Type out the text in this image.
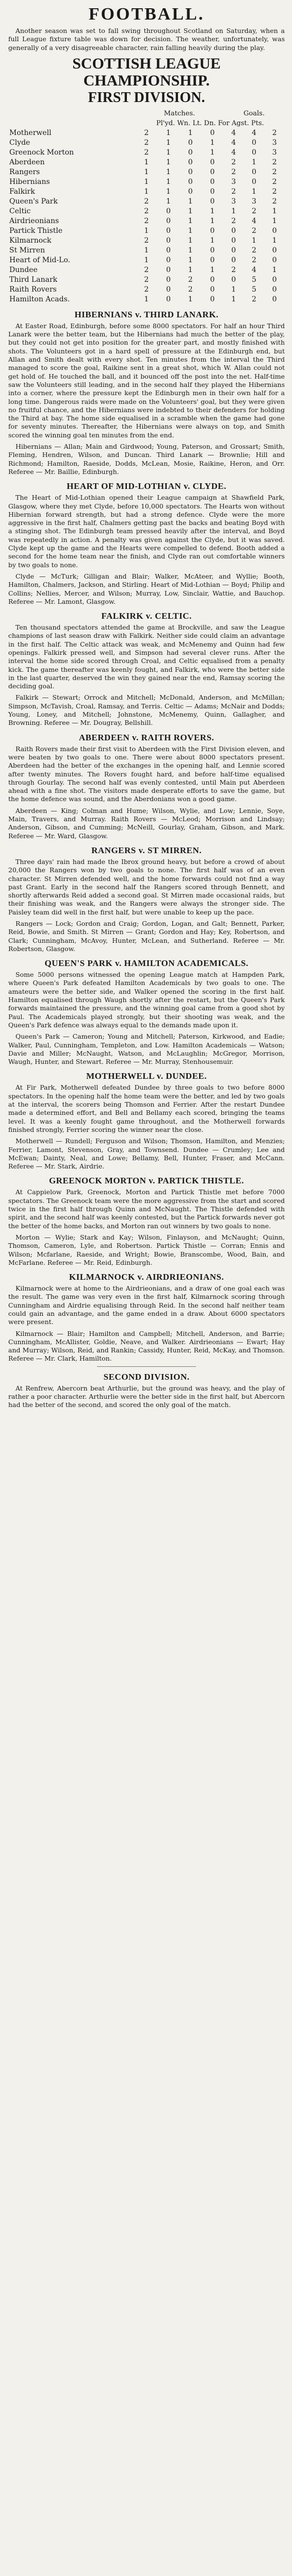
FOOTBALL.

Another season was set to fall swing throughout Scotland on Saturday, when a full League fixture table was down for decision. The weather, unfortunately, was generally of a very disagreeable character, rain falling heavily during the play.

SCOTTISH LEAGUE CHAMPIONSHIP.
FIRST DIVISION.
	Matches.				Goals.		
	Pl'yd. Wn. Lt. Dn. For Agst. Pts.						
Motherwell	2	1	1	0	4	4	2
Clyde	2	1	0	1	4	0	3
Greenock Morton	2	1	0	1	4	0	3
Aberdeen	1	1	0	0	2	1	2
Rangers	1	1	0	0	2	0	2
Hibernians	1	1	0	0	3	0	2
Falkirk	1	1	0	0	2	1	2
Queen's Park	2	1	1	0	3	3	2
Celtic	2	0	1	1	1	2	1
Airdrieonians	2	0	1	1	2	4	1
Partick Thistle	1	0	1	0	0	2	0
Kilmarnock	2	0	1	1	0	1	1
St Mirren	1	0	1	0	0	2	0
Heart of Mid-Lo.	1	0	1	0	0	2	0
Dundee	2	0	1	1	2	4	1
Third Lanark	2	0	2	0	0	5	0
Raith Rovers	2	0	2	0	1	5	0
Hamilton Acads.	1	0	1	0	1	2	0
HIBERNIANS v. THIRD LANARK.

At Easter Road, Edinburgh, before some 8000 spectators. For half an hour Third Lanark were the better team, but the Hibernians had much the better of the play, but they could not get into position for the greater part, and mostly finished with shots. The Volunteers got in a hard spell of pressure at the Edinburgh end, but Allan and Smith dealt with every shot. Ten minutes from the interval the Third managed to score the goal, Raikine sent in a great shot, which W. Allan could not get hold of. He touched the ball, and it bounced off the post into the net. Half-time saw the Volunteers still leading, and in the second half they played the Hibernians into a corner, where the pressure kept the Edinburgh men in their own half for a long time. Dangerous raids were made on the Volunteers' goal, but they were given no fruitful chance, and the Hibernians were indebted to their defenders for holding the Third at bay. The home side equalised in a scramble when the game had gone for seventy minutes. Thereafter, the Hibernians were always on top, and Smith scored the winning goal ten minutes from the end.

Hibernians — Allan; Main and Girdwood; Young, Paterson, and Grossart; Smith, Fleming, Hendren, Wilson, and Duncan. Third Lanark — Brownlie; Hill and Richmond; Hamilton, Raeside, Dodds, McLean, Mosie, Raikine, Heron, and Orr. Referee — Mr. Baillie, Edinburgh.

HEART OF MID-LOTHIAN v. CLYDE.

The Heart of Mid-Lothian opened their League campaign at Shawfield Park, Glasgow, where they met Clyde, before 10,000 spectators. The Hearts won without Hibernian forward strength, but had a strong defence. Clyde were the more aggressive in the first half, Chalmers getting past the backs and beating Boyd with a stinging shot. The Edinburgh team pressed heavily after the interval, and Boyd was repeatedly in action. A penalty was given against the Clyde, but it was saved. Clyde kept up the game and the Hearts were compelled to defend. Booth added a second for the home team near the finish, and Clyde ran out comfortable winners by two goals to none.

Clyde — McTurk; Gilligan and Blair; Walker, McAteer, and Wyllie; Booth, Hamilton, Chalmers, Jackson, and Stirling. Heart of Mid-Lothian — Boyd; Philip and Collins; Nellies, Mercer, and Wilson; Murray, Low, Sinclair, Wattie, and Bauchop. Referee — Mr. Lamont, Glasgow.

FALKIRK v. CELTIC.

Ten thousand spectators attended the game at Brockville, and saw the League champions of last season draw with Falkirk. Neither side could claim an advantage in the first half. The Celtic attack was weak, and McMenemy and Quinn had few openings. Falkirk pressed well, and Simpson had several clever runs. After the interval the home side scored through Croal, and Celtic equalised from a penalty kick. The game thereafter was keenly fought, and Falkirk, who were the better side in the last quarter, deserved the win they gained near the end, Ramsay scoring the deciding goal.

Falkirk — Stewart; Orrock and Mitchell; McDonald, Anderson, and McMillan; Simpson, McTavish, Croal, Ramsay, and Terris. Celtic — Adams; McNair and Dodds; Young, Loney, and Mitchell; Johnstone, McMenemy, Quinn, Gallagher, and Browning. Referee — Mr. Dougray, Bellshill.

ABERDEEN v. RAITH ROVERS.

Raith Rovers made their first visit to Aberdeen with the First Division eleven, and were beaten by two goals to one. There were about 8000 spectators present. Aberdeen had the better of the exchanges in the opening half, and Lennie scored after twenty minutes. The Rovers fought hard, and before half-time equalised through Gourlay. The second half was evenly contested, until Main put Aberdeen ahead with a fine shot. The visitors made desperate efforts to save the game, but the home defence was sound, and the Aberdonians won a good game.

Aberdeen — King; Colman and Hume; Wilson, Wylie, and Low; Lennie, Soye, Main, Travers, and Murray. Raith Rovers — McLeod; Morrison and Lindsay; Anderson, Gibson, and Cumming; McNeill, Gourlay, Graham, Gibson, and Mark. Referee — Mr. Ward, Glasgow.

RANGERS v. ST MIRREN.

Three days' rain had made the Ibrox ground heavy, but before a crowd of about 20,000 the Rangers won by two goals to none. The first half was of an even character. St Mirren defended well, and the home forwards could not find a way past Grant. Early in the second half the Rangers scored through Bennett, and shortly afterwards Reid added a second goal. St Mirren made occasional raids, but their finishing was weak, and the Rangers were always the stronger side. The Paisley team did well in the first half, but were unable to keep up the pace.

Rangers — Lock; Gordon and Craig; Gordon, Logan, and Galt; Bennett, Parker, Reid, Bowie, and Smith. St Mirren — Grant; Gordon and Hay; Key, Robertson, and Clark; Cunningham, McAvoy, Hunter, McLean, and Sutherland. Referee — Mr. Robertson, Glasgow.

QUEEN'S PARK v. HAMILTON ACADEMICALS.

Some 5000 persons witnessed the opening League match at Hampden Park, where Queen's Park defeated Hamilton Academicals by two goals to one. The amateurs were the better side, and Walker opened the scoring in the first half. Hamilton equalised through Waugh shortly after the restart, but the Queen's Park forwards maintained the pressure, and the winning goal came from a good shot by Paul. The Academicals played strongly, but their shooting was weak, and the Queen's Park defence was always equal to the demands made upon it.

Queen's Park — Cameron; Young and Mitchell; Paterson, Kirkwood, and Eadie; Walker, Paul, Cunningham, Templeton, and Low. Hamilton Academicals — Watson; Davie and Miller; McNaught, Watson, and McLaughlin; McGregor, Morrison, Waugh, Hunter, and Stewart. Referee — Mr. Murray, Stenhousemuir.

MOTHERWELL v. DUNDEE.

At Fir Park, Motherwell defeated Dundee by three goals to two before 8000 spectators. In the opening half the home team were the better, and led by two goals at the interval, the scorers being Thomson and Ferrier. After the restart Dundee made a determined effort, and Bell and Bellamy each scored, bringing the teams level. It was a keenly fought game throughout, and the Motherwell forwards finished strongly, Ferrier scoring the winner near the close.

Motherwell — Rundell; Ferguson and Wilson; Thomson, Hamilton, and Menzies; Ferrier, Lamont, Stevenson, Gray, and Townsend. Dundee — Crumley; Lee and McEwan; Dainty, Neal, and Lowe; Bellamy, Bell, Hunter, Fraser, and McCann. Referee — Mr. Stark, Airdrie.

GREENOCK MORTON v. PARTICK THISTLE.

At Cappielow Park, Greenock, Morton and Partick Thistle met before 7000 spectators. The Greenock team were the more aggressive from the start and scored twice in the first half through Quinn and McNaught. The Thistle defended with spirit, and the second half was keenly contested, but the Partick forwards never got the better of the home backs, and Morton ran out winners by two goals to none.

Morton — Wylie; Stark and Kay; Wilson, Finlayson, and McNaught; Quinn, Thomson, Cameron, Lyle, and Robertson. Partick Thistle — Corran; Ennis and Wilson; Mcfarlane, Raeside, and Wright; Bowie, Branscombe, Wood, Bain, and McFarlane. Referee — Mr. Reid, Edinburgh.

KILMARNOCK v. AIRDRIEONIANS.

Kilmarnock were at home to the Airdrieonians, and a draw of one goal each was the result. The game was very even in the first half, Kilmarnock scoring through Cunningham and Airdrie equalising through Reid. In the second half neither team could gain an advantage, and the game ended in a draw. About 6000 spectators were present.

Kilmarnock — Blair; Hamilton and Campbell; Mitchell, Anderson, and Barrie; Cunningham, McAllister, Goldie, Neave, and Walker. Airdrieonians — Ewart; Hay and Murray; Wilson, Reid, and Rankin; Cassidy, Hunter, Reid, McKay, and Thomson. Referee — Mr. Clark, Hamilton.

SECOND DIVISION.

At Renfrew, Abercorn beat Arthurlie, but the ground was heavy, and the play of rather a poor character. Arthurlie were the better side in the first half, but Abercorn had the better of the second, and scored the only goal of the match.
